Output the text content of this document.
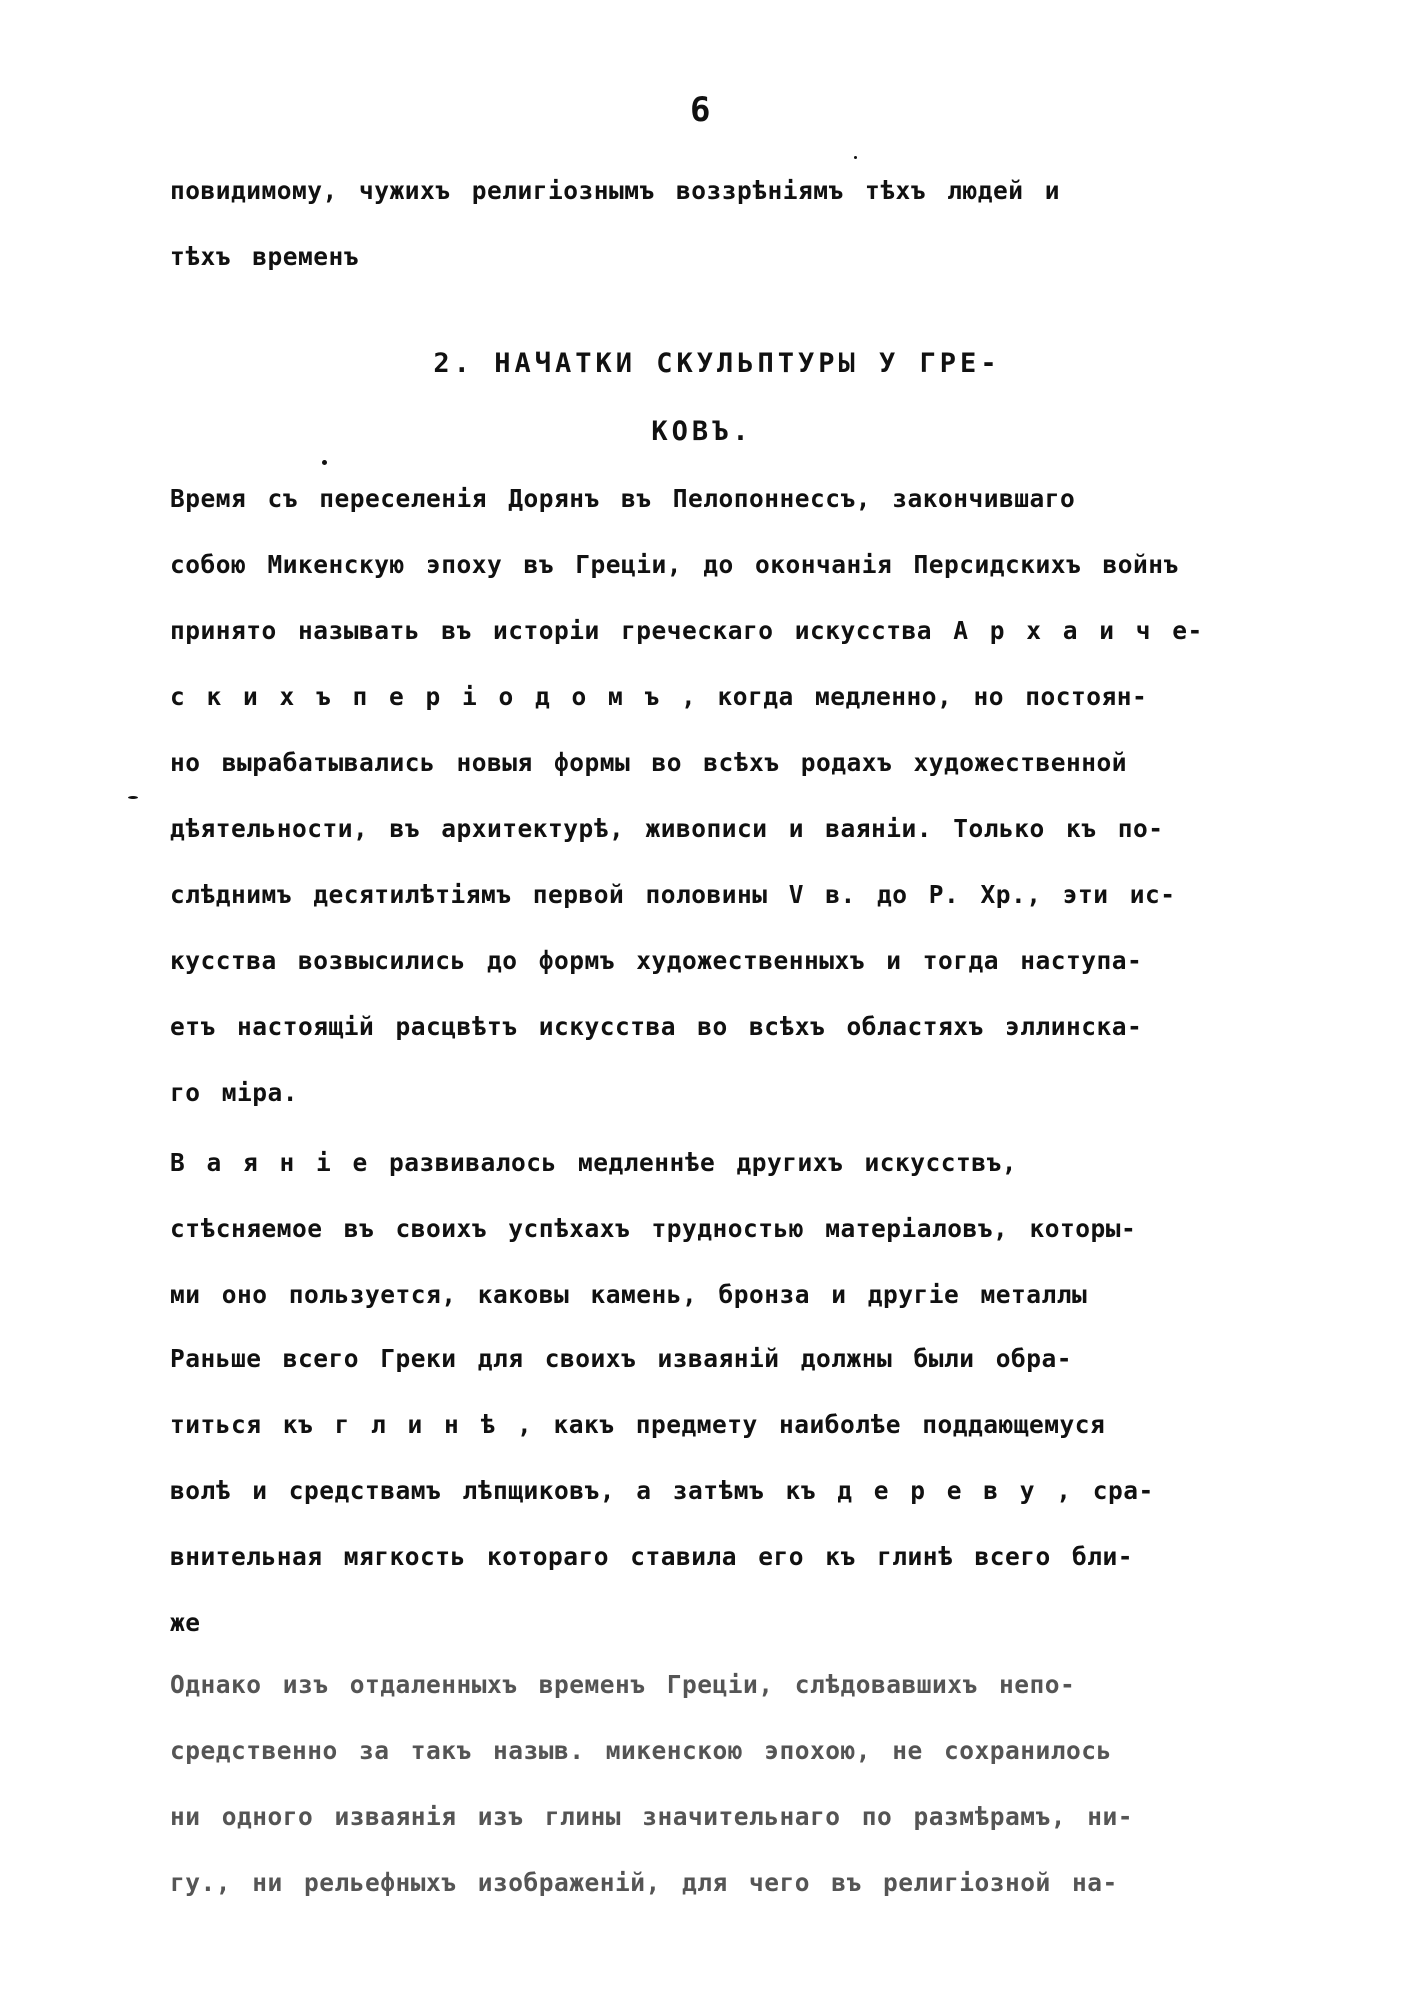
6
повидимому, чужихъ религіознымъ воззрѣніямъ тѣхъ людей и
тѣхъ временъ
2. НАЧАТКИ СКУЛЬПТУРЫ У ГРЕ-
КОВЪ.
Время съ переселенія Дорянъ въ Пелопоннессъ, закончившаго
собою Микенскую эпоху въ Греціи, до окончанія Персидскихъ войнъ
принято называть въ исторіи греческаго искусства А р х а и ч е-
с к и х ъ п е р і о д о м ъ , когда медленно, но постоян-
но вырабатывались новыя формы во всѣхъ родахъ художественной
дѣятельности, въ архитектурѣ, живописи и ваяніи. Только къ по-
слѣднимъ десятилѣтіямъ первой половины V в. до Р. Хр., эти ис-
кусства возвысились до формъ художественныхъ и тогда наступа-
етъ настоящій расцвѣтъ искусства во всѣхъ областяхъ эллинска-
го міра.
В а я н і е развивалось медленнѣе другихъ искусствъ,
стѣсняемое въ своихъ успѣхахъ трудностью матеріаловъ, которы-
ми оно пользуется, каковы камень, бронза и другіе металлы
Раньше всего Греки для своихъ изваяній должны были обра-
титься къ г л и н ѣ , какъ предмету наиболѣе поддающемуся
волѣ и средствамъ лѣпщиковъ, а затѣмъ къ д е р е в у , сра-
внительная мягкость котораго ставила его къ глинѣ всего бли-
же
Однако изъ отдаленныхъ временъ Греціи, слѣдовавшихъ непо-
средственно за такъ назыв. микенскою эпохою, не сохранилось
ни одного изваянія изъ глины значительнаго по размѣрамъ, ни-
гу., ни рельефныхъ изображеній, для чего въ религіозной на-
